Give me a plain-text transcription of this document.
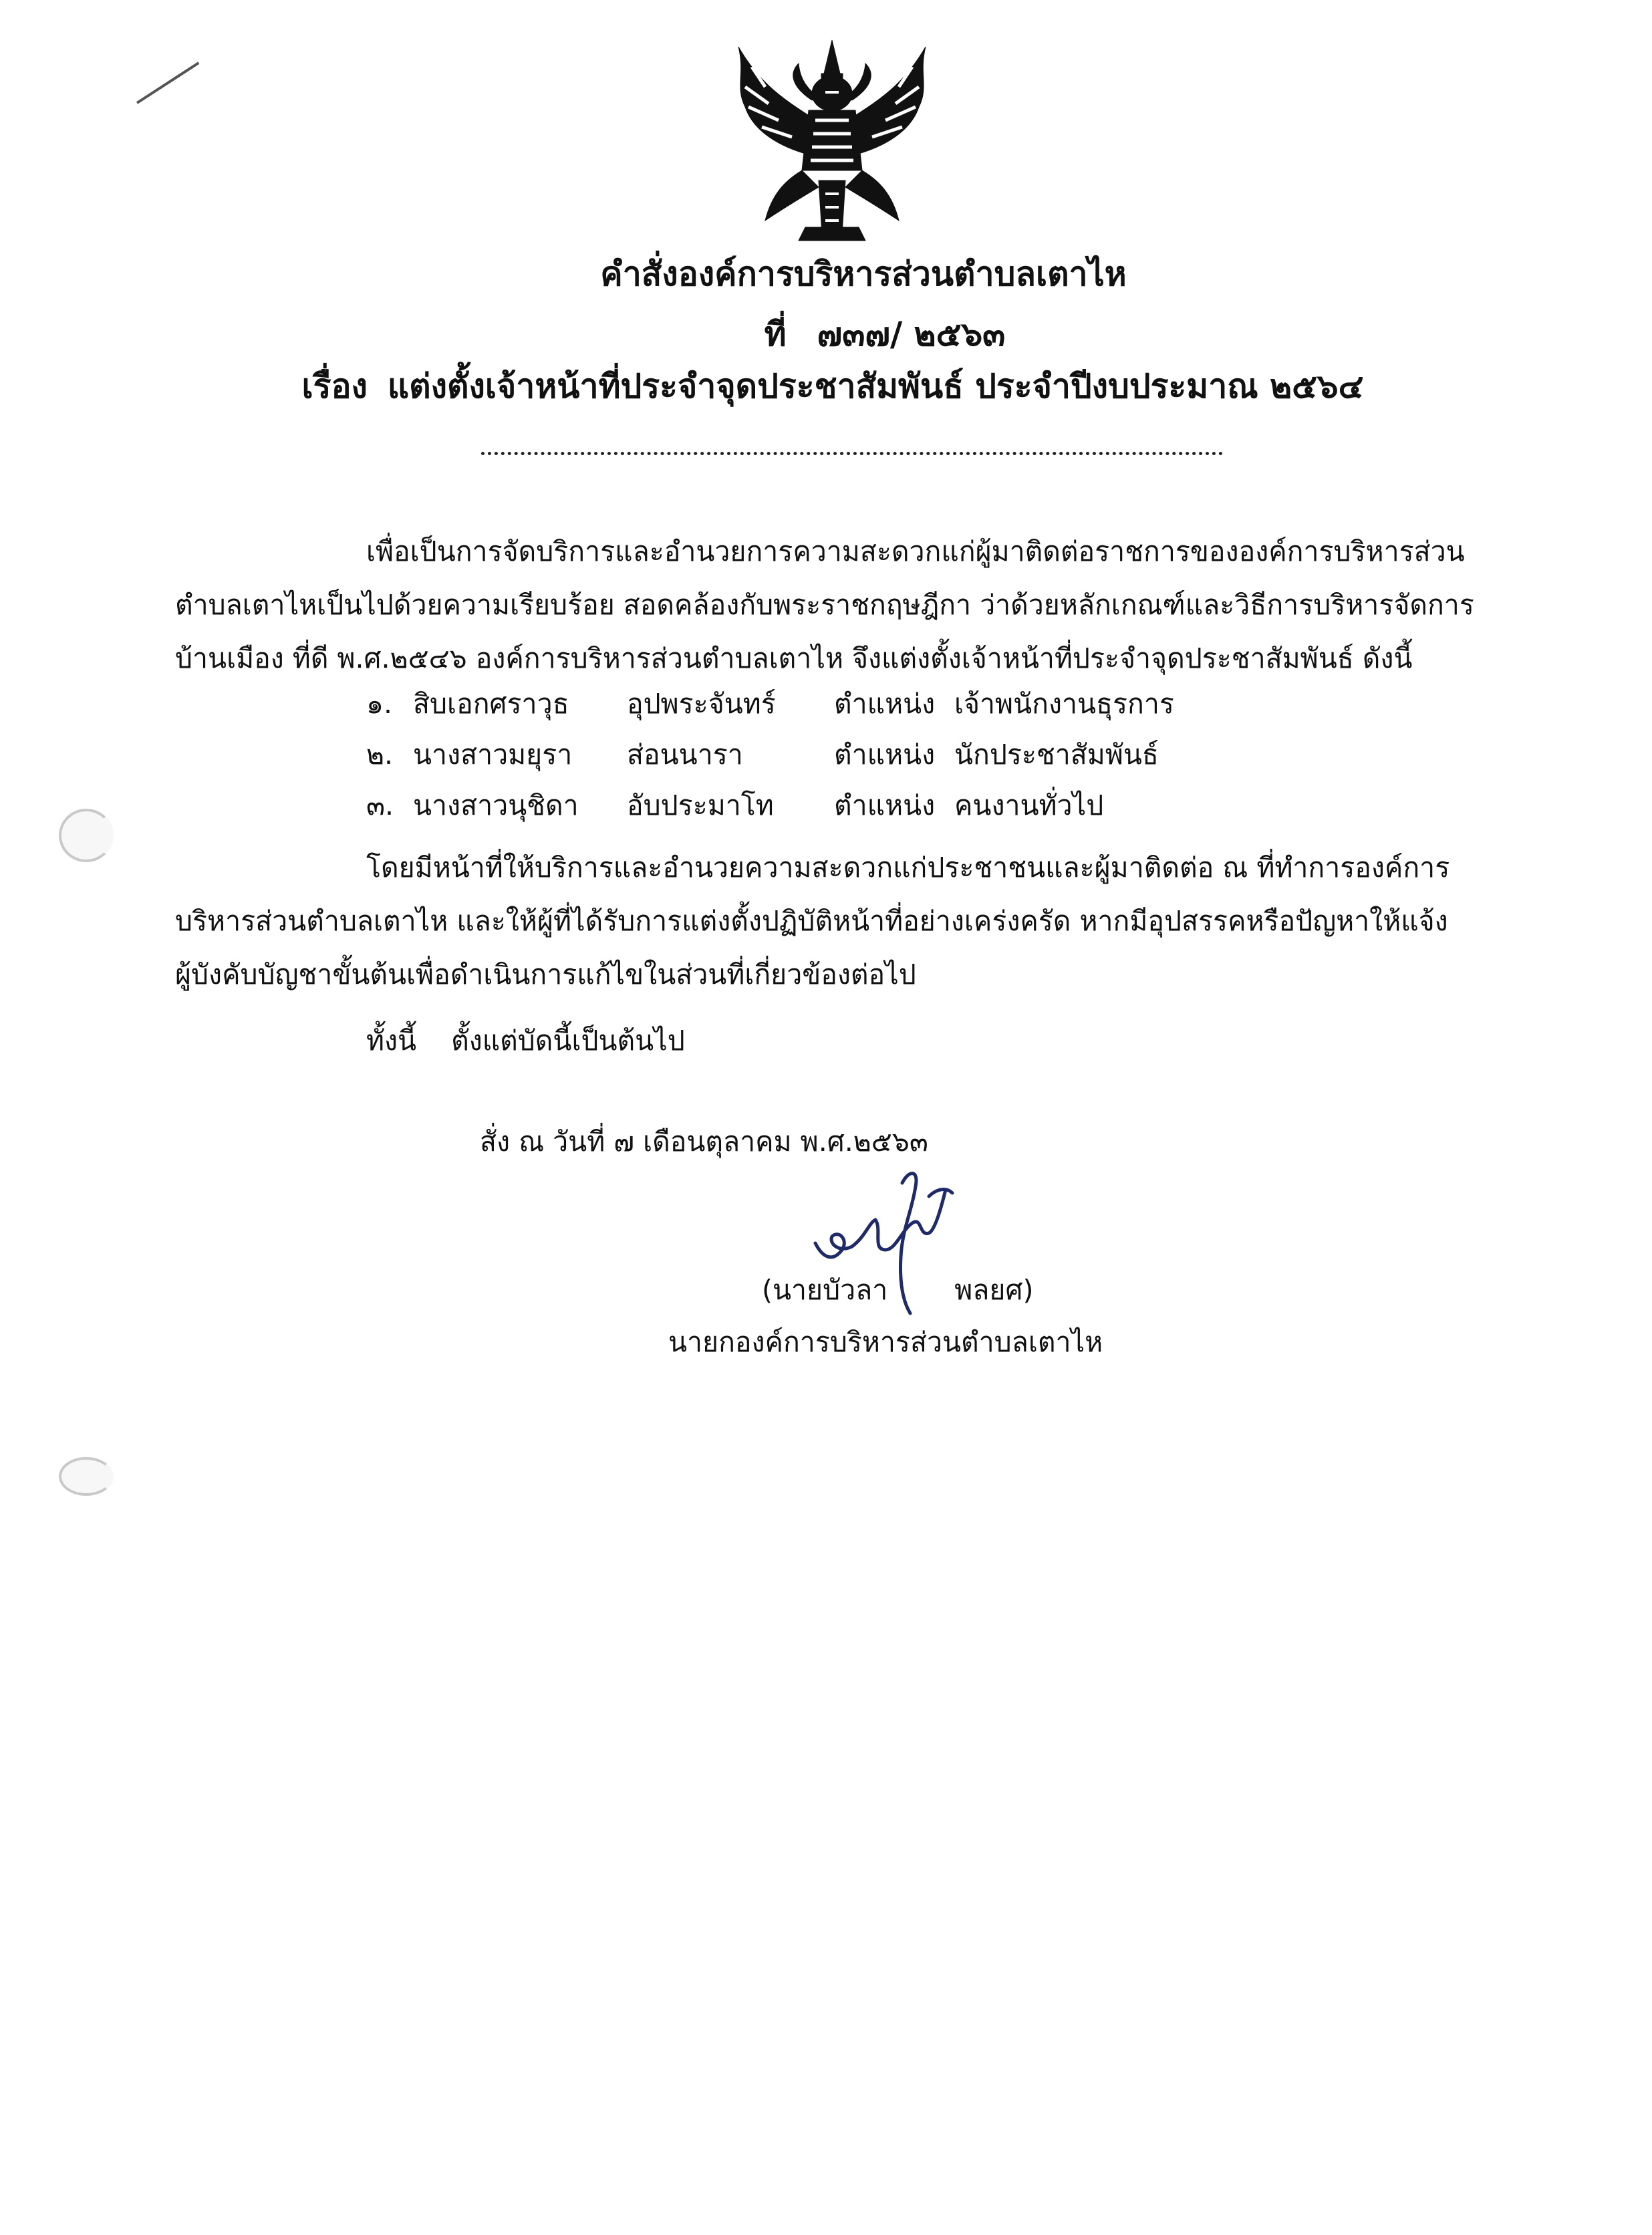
คำสั่งองค์การบริหารส่วนตำบลเตาไห
ที่ ๗๓๗/ ๒๕๖๓
เรื่อง แต่งตั้งเจ้าหน้าที่ประจำจุดประชาสัมพันธ์ ประจำปีงบประมาณ ๒๕๖๔
เพื่อเป็นการจัดบริการและอำนวยการความสะดวกแก่ผู้มาติดต่อราชการขององค์การบริหารส่วน
ตำบลเตาไหเป็นไปด้วยความเรียบร้อย สอดคล้องกับพระราชกฤษฎีกา ว่าด้วยหลักเกณฑ์และวิธีการบริหารจัดการ
บ้านเมือง ที่ดี พ.ศ.๒๕๔๖ องค์การบริหารส่วนตำบลเตาไห จึงแต่งตั้งเจ้าหน้าที่ประจำจุดประชาสัมพันธ์ ดังนี้
๑. สิบเอกศราวุธ อุปพระจันทร์ ตำแหน่ง เจ้าพนักงานธุรการ
๒. นางสาวมยุรา ส่อนนารา	ตำแหน่ง นักประชาสัมพันธ์
๓. นางสาวนุชิดา อับประมาโท ตำแหน่ง คนงานทั่วไป
โดยมีหน้าที่ให้บริการและอำนวยความสะดวกแก่ประชาชนและผู้มาติดต่อ ณ ที่ทำการองค์การ
บริหารส่วนตำบลเตาไห และให้ผู้ที่ได้รับการแต่งตั้งปฏิบัติหน้าที่อย่างเคร่งครัด หากมีอุปสรรคหรือปัญหาให้แจ้ง
ผู้บังคับบัญชาขั้นต้นเพื่อดำเนินการแก้ไขในส่วนที่เกี่ยวข้องต่อไป
ทั้งนี้ ตั้งแต่บัดนี้เป็นต้นไป
สั่ง ณ วันที่ ๗ เดือนตุลาคม พ.ศ.๒๕๖๓
(นายบัวลา พลยศ)
นายกองค์การบริหารส่วนตำบลเตาไห
